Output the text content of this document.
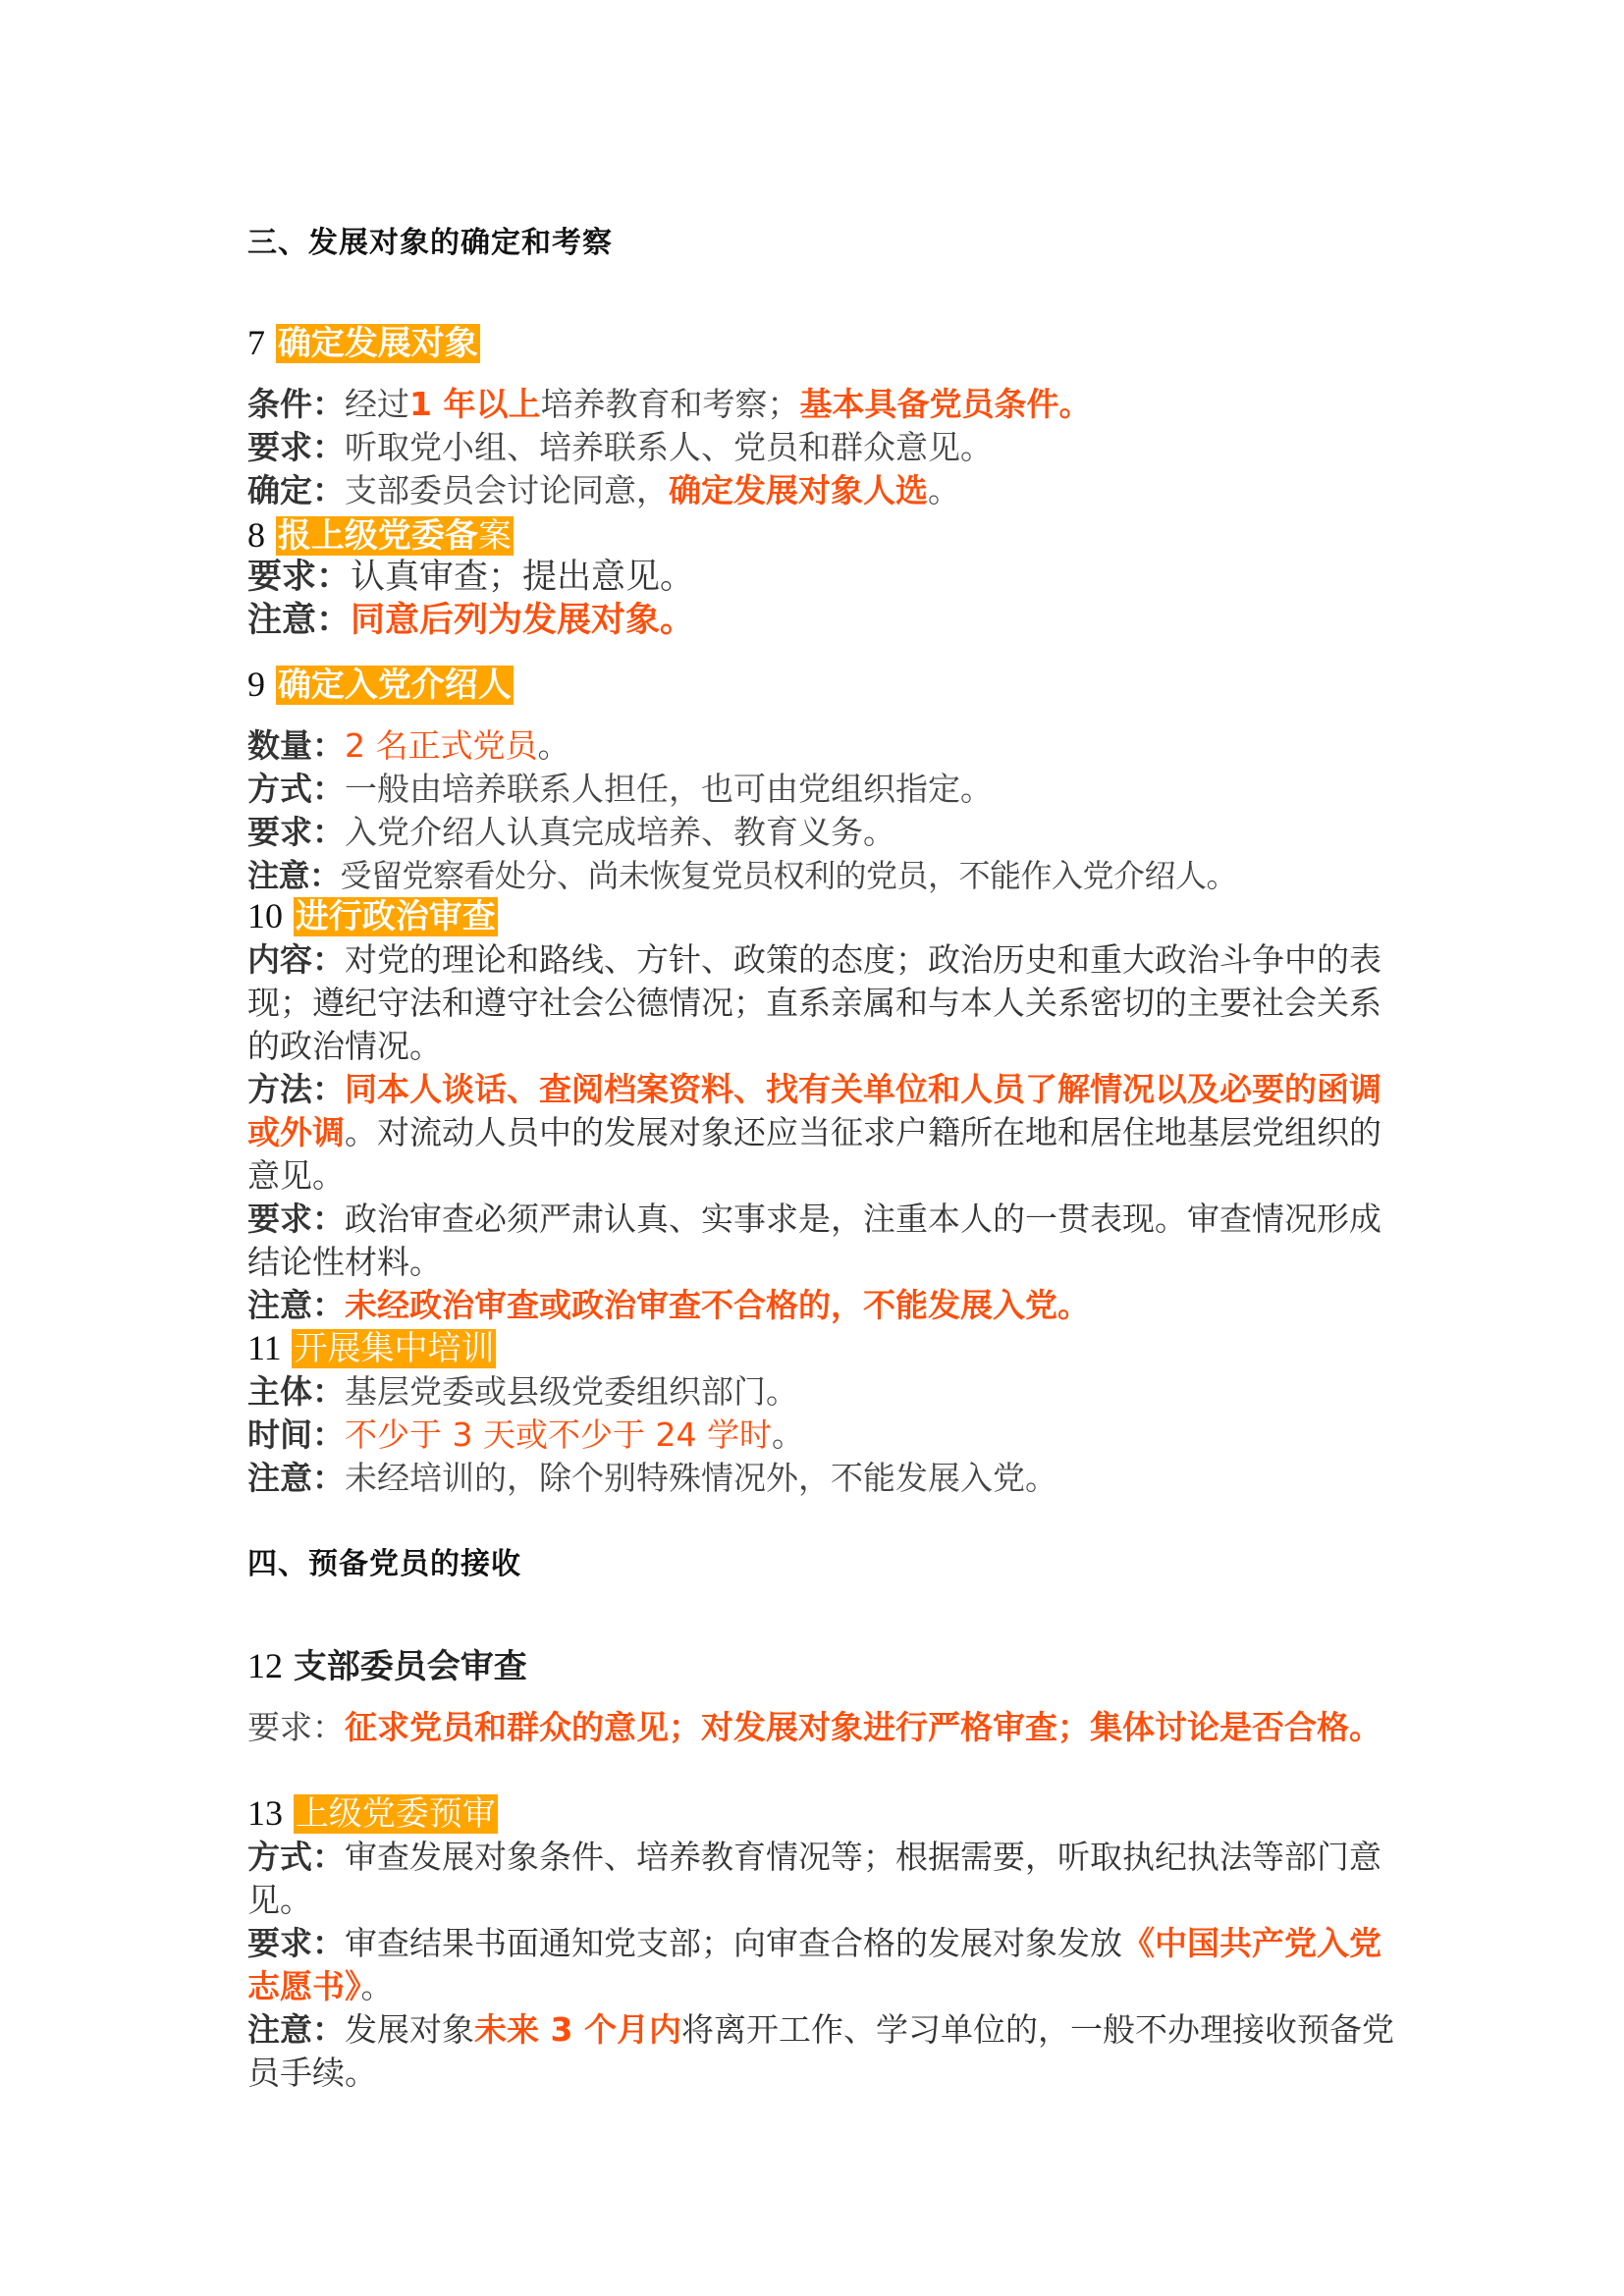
三、发展对象的确定和考察
7 确定发展对象
条件：经过1 年以上培养教育和考察；基本具备党员条件。
要求：听取党小组、培养联系人、党员和群众意见。
确定：支部委员会讨论同意，确定发展对象人选。
8 报上级党委备案
要求：认真审查；提出意见。
注意：同意后列为发展对象。
9 确定入党介绍人
数量：2 名正式党员。
方式：一般由培养联系人担任，也可由党组织指定。
要求：入党介绍人认真完成培养、教育义务。
注意：受留党察看处分、尚未恢复党员权利的党员，不能作入党介绍人。
10 进行政治审查
内容：对党的理论和路线、方针、政策的态度；政治历史和重大政治斗争中的表现；遵纪守法和遵守社会公德情况；直系亲属和与本人关系密切的主要社会关系的政治情况。
方法：同本人谈话、查阅档案资料、找有关单位和人员了解情况以及必要的函调或外调。对流动人员中的发展对象还应当征求户籍所在地和居住地基层党组织的意见。
要求：政治审查必须严肃认真、实事求是，注重本人的一贯表现。审查情况形成结论性材料。
注意：未经政治审查或政治审查不合格的，不能发展入党。
11 开展集中培训
主体：基层党委或县级党委组织部门。
时间：不少于 3 天或不少于 24 学时。
注意：未经培训的，除个别特殊情况外，不能发展入党。
四、预备党员的接收
12 支部委员会审查
要求：征求党员和群众的意见；对发展对象进行严格审查；集体讨论是否合格。
13 上级党委预审
方式：审查发展对象条件、培养教育情况等；根据需要，听取执纪执法等部门意见。
要求：审查结果书面通知党支部；向审查合格的发展对象发放《中国共产党入党志愿书》。
注意：发展对象未来 3 个月内将离开工作、学习单位的，一般不办理接收预备党员手续。
